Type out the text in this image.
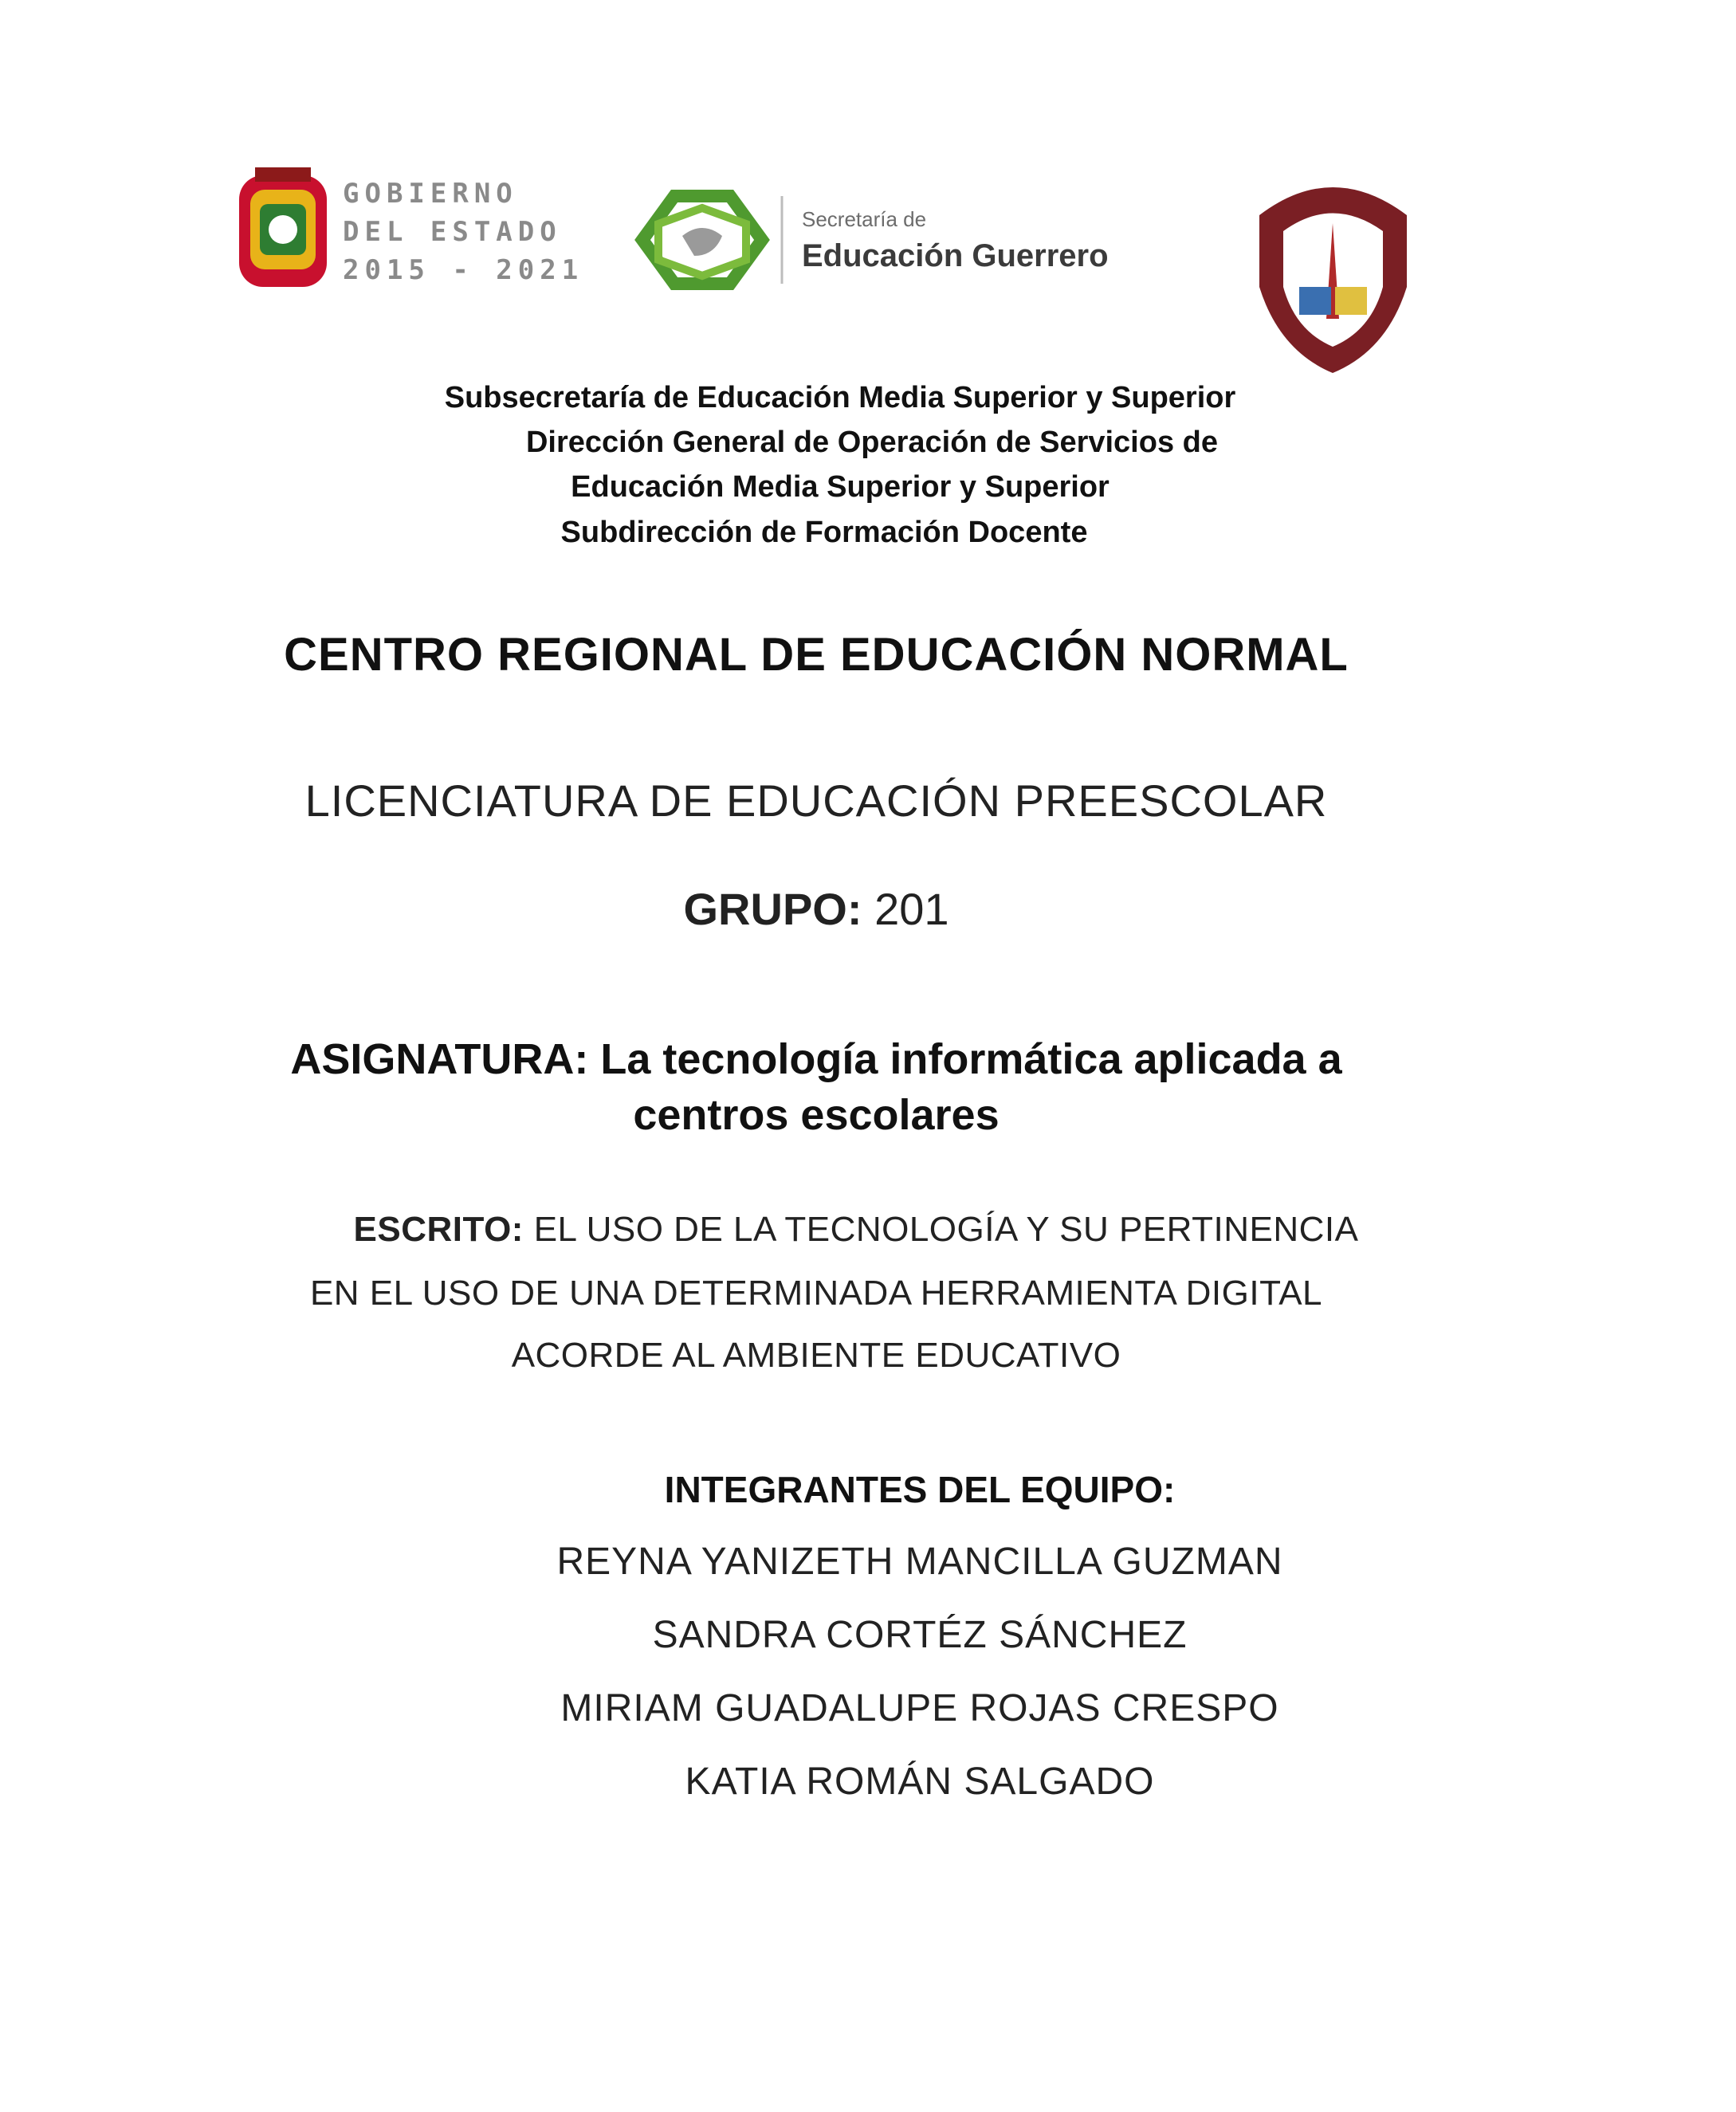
GOBIERNO
DEL ESTADO
2015 - 2021
Secretaría de
Educación Guerrero
Subsecretaría de Educación Media Superior y Superior
Dirección General de Operación de Servicios de
Educación Media Superior y Superior
Subdirección de Formación Docente
CENTRO REGIONAL DE EDUCACIÓN NORMAL
LICENCIATURA DE EDUCACIÓN PREESCOLAR
GRUPO: 201
ASIGNATURA: La tecnología informática aplicada a
centros escolares
ESCRITO: EL USO DE LA TECNOLOGÍA Y SU PERTINENCIA
EN EL USO DE UNA DETERMINADA HERRAMIENTA DIGITAL
ACORDE AL AMBIENTE EDUCATIVO
INTEGRANTES DEL EQUIPO:
REYNA YANIZETH MANCILLA GUZMAN
SANDRA CORTÉZ SÁNCHEZ
MIRIAM GUADALUPE ROJAS CRESPO
KATIA ROMÁN SALGADO
